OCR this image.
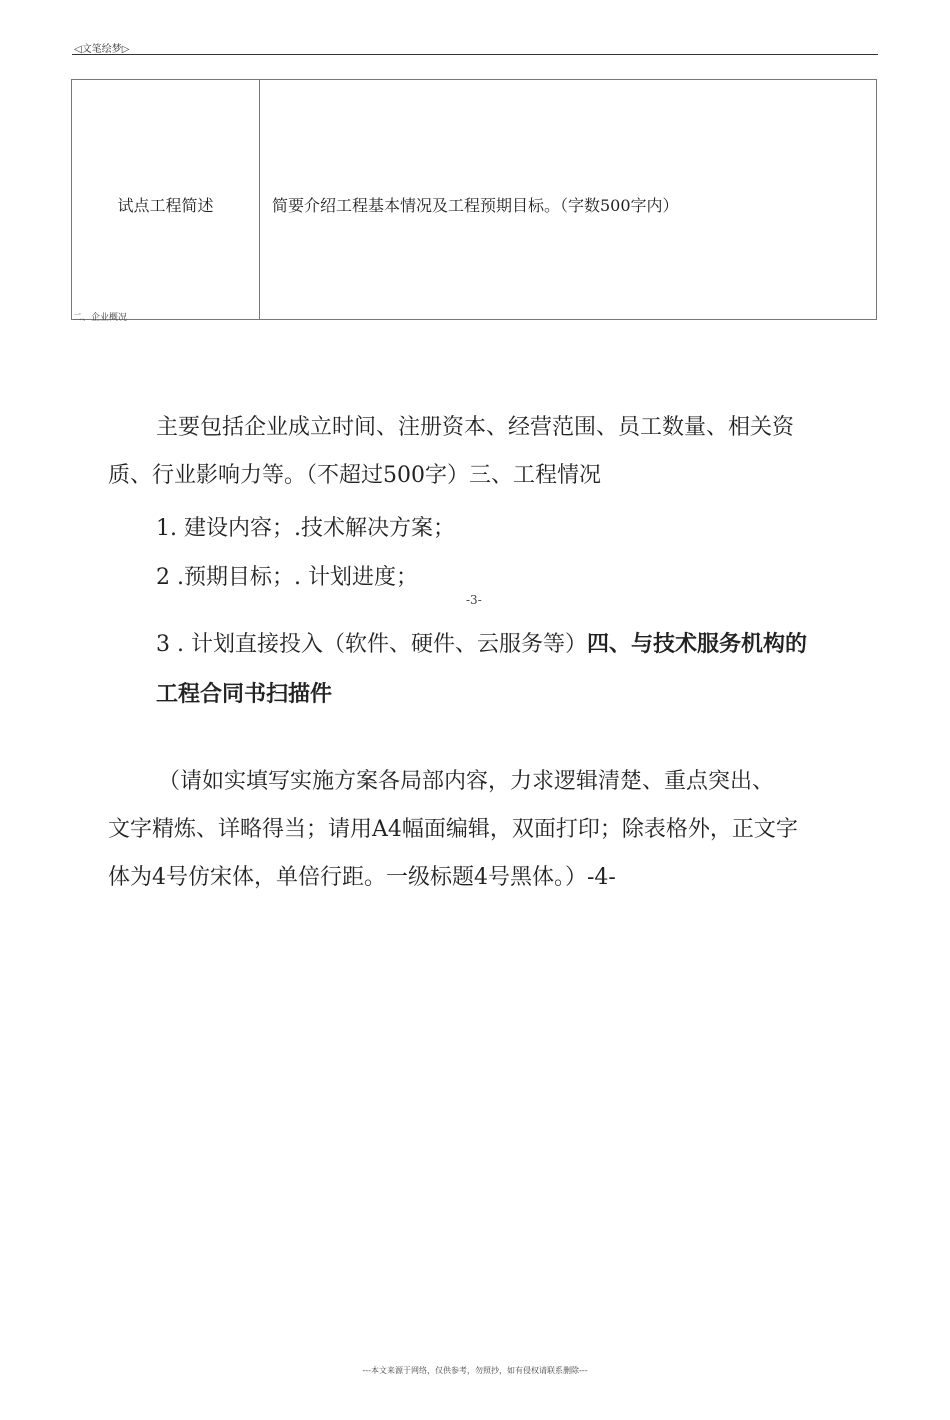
◁文笔绘梦▷
试点工程简述	简要介绍工程基本情况及工程预期目标。（字数500字内）
二、企业概况
主要包括企业成立时间、注册资本、经营范围、员工数量、相关资
质、行业影响力等。（不超过500字）三、工程情况
1. 建设内容；.技术解决方案；
2 .预期目标；. 计划进度；
-3-
3 . 计划直接投入（软件、硬件、云服务等）四、与技术服务机构的
工程合同书扫描件
（请如实填写实施方案各局部内容，力求逻辑清楚、重点突出、
文字精炼、详略得当；请用A4幅面编辑，双面打印；除表格外，正文字
体为4号仿宋体，单倍行距。一级标题4号黑体。）-4-
---本文来源于网络，仅供参考，勿照抄，如有侵权请联系删除---
